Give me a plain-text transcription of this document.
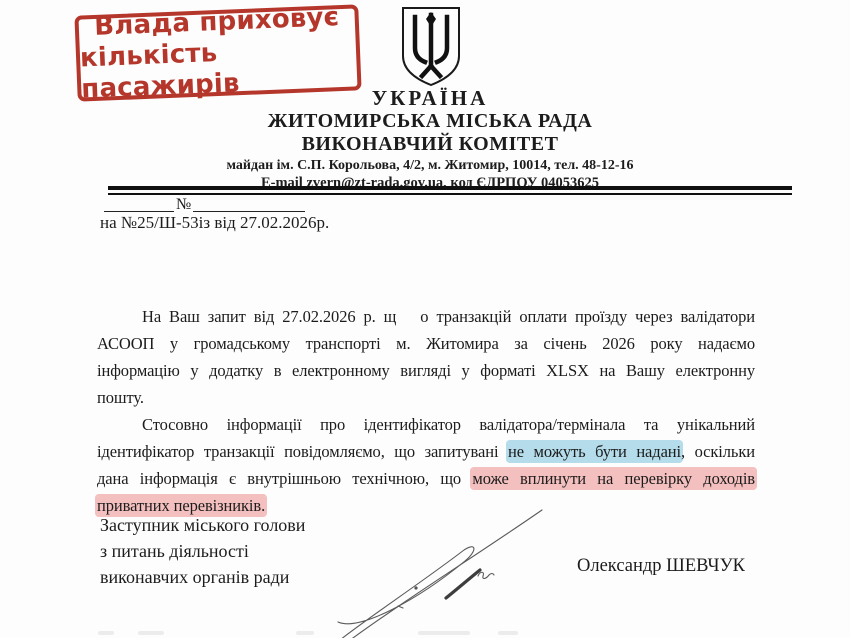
Влада приховує
кількість пасажирів	УКРАЇНА
ЖИТОМИРСЬКА МІСЬКА РАДА
ВИКОНАВЧИЙ КОМІТЕТ
майдан ім. С.П. Корольова, 4/2, м. Житомир, 10014, тел. 48-12-16
E-mail zvern@zt-rada.gov.ua, код ЄДРПОУ 04053625
№
на №25/Ш-53із від 27.02.2026р.
На Ваш запит від 27.02.2026 р. щ о транзакцій оплати проїзду через валідатори
АСООП у громадському транспорті м. Житомира за січень 2026 року надаємо
інформацію у додатку в електронному вигляді у форматі XLSX на Вашу електронну
пошту.
Стосовно інформації про ідентифікатор валідатора/термінала та унікальний
ідентифікатор транзакції повідомляємо, що запитувані не можуть бути надані, оскільки
дана інформація є внутрішньою технічною, що може вплинути на перевірку доходів
приватних перевізників.
Заступник міського голови
з питань діяльності
виконавчих органів ради
Олександр ШЕВЧУК
